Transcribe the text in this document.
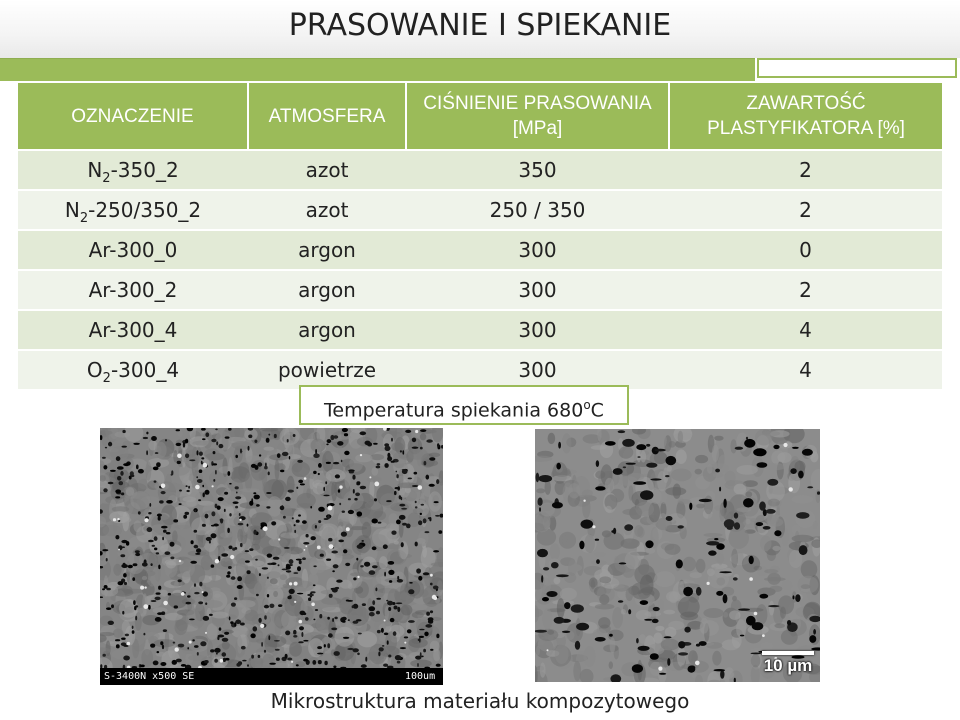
PRASOWANIE I SPIEKANIE
OZNACZENIE	ATMOSFERA	CIŚNIENIE PRASOWANIA [MPa]	ZAWARTOŚĆ PLASTYFIKATORA [%]
$N_2-350\_2$	azot	350	2
$N_2-250/350\_2$	azot	250 / 350	2
Ar-300_0	argon	300	0
Ar-300_2	argon	300	2
Ar-300_4	argon	300	4
$O_2-300\_4$	powietrze	300	4
Temperatura spiekania 680$^o$C
S-3400N x500 SE	100um
10 µm
Mikrostruktura materiału kompozytowego
